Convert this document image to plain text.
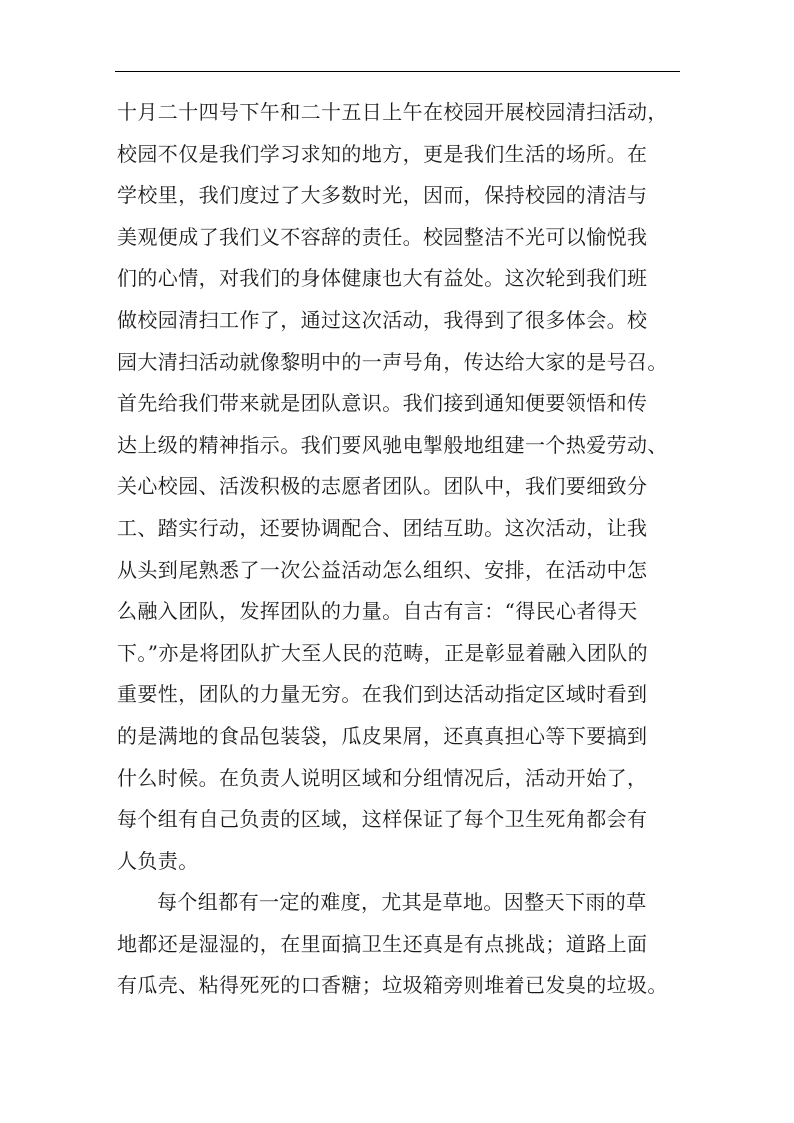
十月二十四号下午和二十五日上午在校园开展校园清扫活动，
校园不仅是我们学习求知的地方，更是我们生活的场所。在
学校里，我们度过了大多数时光，因而，保持校园的清洁与
美观便成了我们义不容辞的责任。校园整洁不光可以愉悦我
们的心情，对我们的身体健康也大有益处。这次轮到我们班
做校园清扫工作了，通过这次活动，我得到了很多体会。校
园大清扫活动就像黎明中的一声号角，传达给大家的是号召。
首先给我们带来就是团队意识。我们接到通知便要领悟和传
达上级的精神指示。我们要风驰电掣般地组建一个热爱劳动、
关心校园、活泼积极的志愿者团队。团队中，我们要细致分
工、踏实行动，还要协调配合、团结互助。这次活动，让我
从头到尾熟悉了一次公益活动怎么组织、安排，在活动中怎
么融入团队，发挥团队的力量。自古有言：“得民心者得天
下。”亦是将团队扩大至人民的范畴，正是彰显着融入团队的
重要性，团队的力量无穷。在我们到达活动指定区域时看到
的是满地的食品包装袋，瓜皮果屑，还真真担心等下要搞到
什么时候。在负责人说明区域和分组情况后，活动开始了，
每个组有自己负责的区域，这样保证了每个卫生死角都会有
人负责。
每个组都有一定的难度，尤其是草地。因整天下雨的草
地都还是湿湿的，在里面搞卫生还真是有点挑战；道路上面
有瓜壳、粘得死死的口香糖；垃圾箱旁则堆着已发臭的垃圾。
